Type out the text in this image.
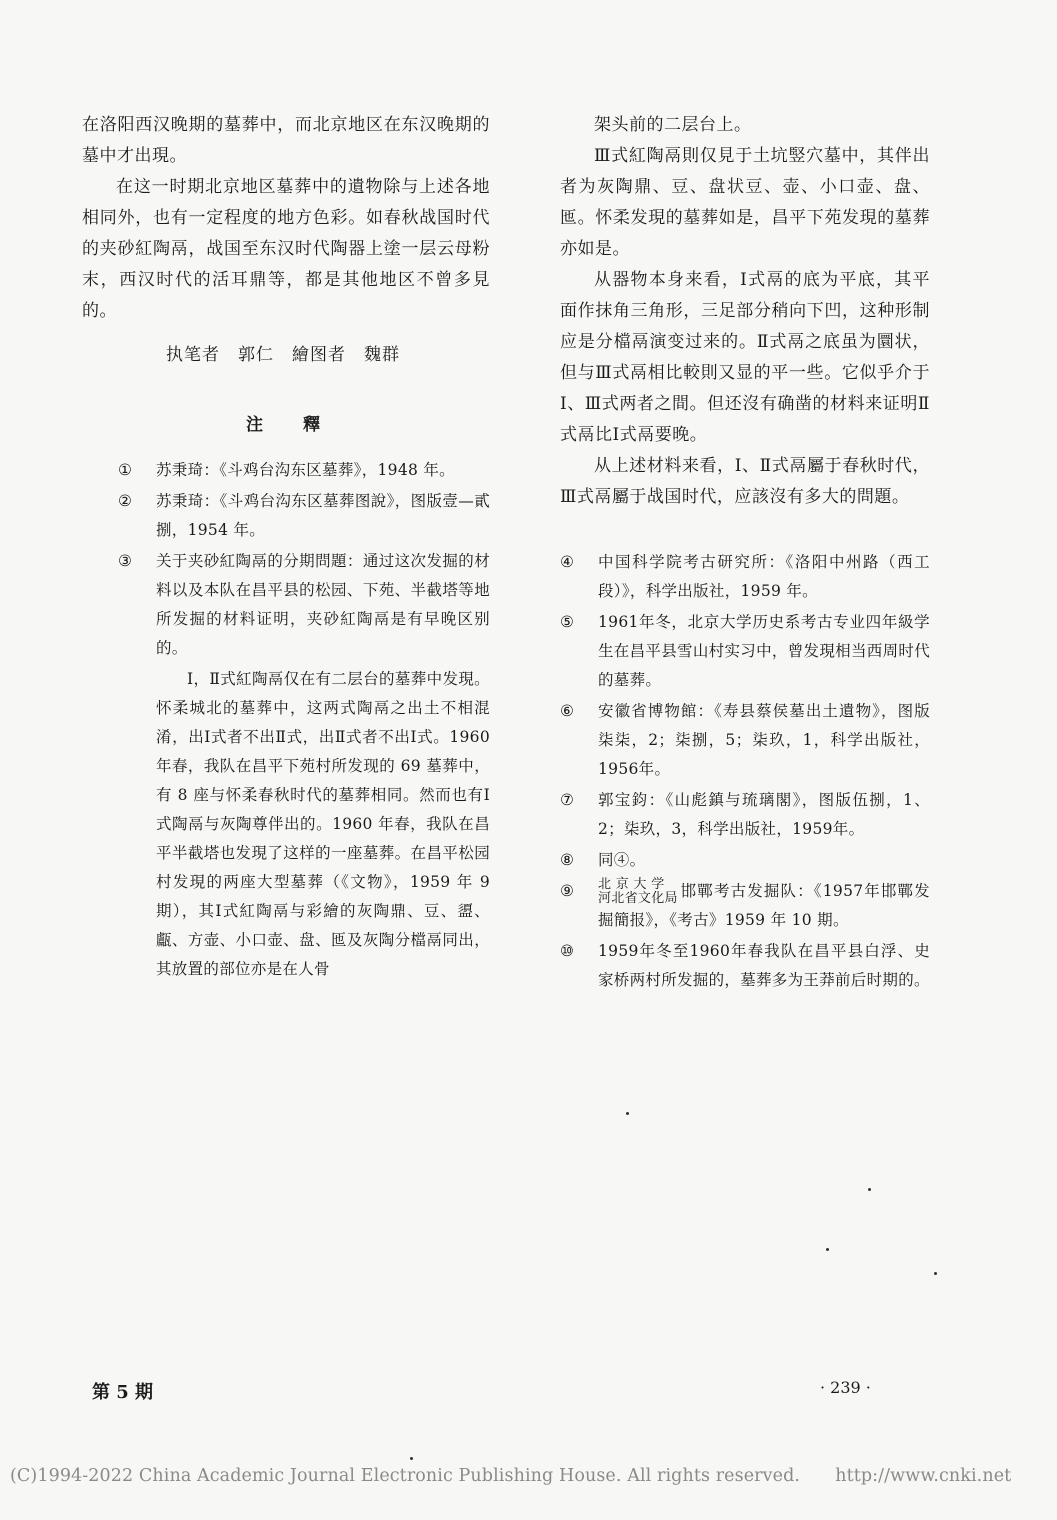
在洛阳西汉晚期的墓葬中，而北京地区在东汉晚期的墓中才出現。

在这一时期北京地区墓葬中的遺物除与上述各地相同外，也有一定程度的地方色彩。如春秋战国时代的夹砂紅陶鬲，战国至东汉时代陶器上塗一层云母粉末，西汉时代的活耳鼎等，都是其他地区不曾多見的。

执笔者　郭仁　繪图者　魏群
注釋
① 苏秉琦：《斗鸡台沟东区墓葬》，1948 年。
② 苏秉琦：《斗鸡台沟东区墓葬图說》，图版壹—貳捌，1954 年。
③ 关于夹砂紅陶鬲的分期問題：通过这次发掘的材料以及本队在昌平县的松园、下苑、半截塔等地所发掘的材料证明，夹砂紅陶鬲是有早晚区别的。

Ⅰ，Ⅱ式紅陶鬲仅在有二层台的墓葬中发現。怀柔城北的墓葬中，这两式陶鬲之出土不相混淆，出Ⅰ式者不出Ⅱ式，出Ⅱ式者不出Ⅰ式。1960 年春，我队在昌平下苑村所发现的 69 墓葬中，有 8 座与怀柔春秋时代的墓葬相同。然而也有Ⅰ式陶鬲与灰陶尊伴出的。1960 年春，我队在昌平半截塔也发現了这样的一座墓葬。在昌平松园村发現的两座大型墓葬（《文物》，1959 年 9 期），其Ⅰ式紅陶鬲与彩繪的灰陶鼎、豆、盨、甗、方壶、小口壶、盘、匜及灰陶分檔鬲同出，其放置的部位亦是在人骨

架头前的二层台上。

Ⅲ式紅陶鬲則仅見于土坑竪穴墓中，其伴出者为灰陶鼎、豆、盘状豆、壶、小口壶、盘、匜。怀柔发現的墓葬如是，昌平下苑发現的墓葬亦如是。

从器物本身来看，Ⅰ式鬲的底为平底，其平面作抹角三角形，三足部分稍向下凹，这种形制应是分檔鬲演变过来的。Ⅱ式鬲之底虽为圜状，但与Ⅲ式鬲相比較則又显的平一些。它似乎介于Ⅰ、Ⅲ式两者之間。但还沒有确凿的材料来证明Ⅱ式鬲比Ⅰ式鬲要晚。

从上述材料来看，Ⅰ、Ⅱ式鬲屬于春秋时代，Ⅲ式鬲屬于战国时代，应該沒有多大的問題。

④ 中国科学院考古研究所：《洛阳中州路（西工段）》，科学出版社，1959 年。
⑤ 1961年冬，北京大学历史系考古专业四年級学生在昌平县雪山村实习中，曾发現相当西周时代的墓葬。
⑥ 安徽省博物館：《寿县蔡侯墓出土遺物》，图版柒柒，2；柒捌，5；柒玖，1，科学出版社，1956年。
⑦ 郭宝鈞：《山彪鎮与琉璃閣》，图版伍捌，1、2；柒玖，3，科学出版社，1959年。
⑧ 同④。
⑨ 北 京 大 学
河北省文化局 邯鄲考古发掘队：《1957年邯鄲发掘簡报》，《考古》1959 年 10 期。
⑩ 1959年冬至1960年春我队在昌平县白浮、史家桥两村所发掘的，墓葬多为王莽前后时期的。
第 5 期	· 239 ·
(C)1994-2022 China Academic Journal Electronic Publishing House. All rights reserved.　　http://www.cnki.net
